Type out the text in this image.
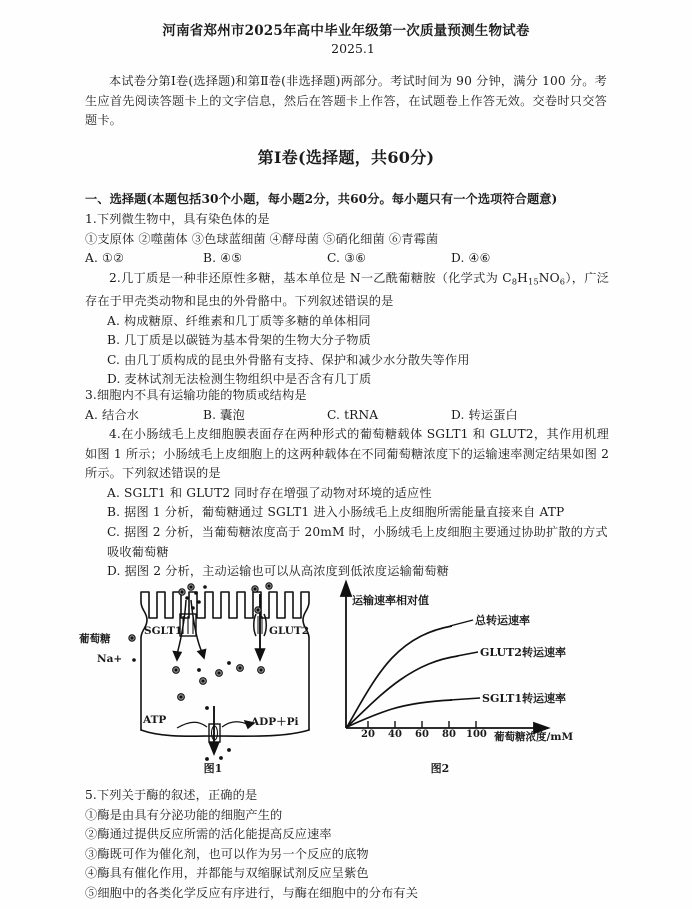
河南省郑州市2025年高中毕业年级第一次质量预测生物试卷
2025.1
本试卷分第Ⅰ卷(选择题)和第Ⅱ卷(非选择题)两部分。考试时间为 90 分钟，满分 100 分。考生应首先阅读答题卡上的文字信息，然后在答题卡上作答，在试题卷上作答无效。交卷时只交答题卡。
第Ⅰ卷(选择题，共60分)
一、选择题(本题包括30个小题，每小题2分，共60分。每小题只有一个选项符合题意)
1.下列微生物中，具有染色体的是
①支原体 ②噬菌体 ③色球蓝细菌 ④酵母菌 ⑤硝化细菌 ⑥青霉菌
A. ①②	B. ④⑤	C. ③⑥	D. ④⑥
2.几丁质是一种非还原性多糖，基本单位是 N一乙酰葡糖胺（化学式为 $C_8H_{15}NO_6$），广泛存在于甲壳类动物和昆虫的外骨骼中。下列叙述错误的是
A. 构成糖原、纤维素和几丁质等多糖的单体相同
B. 几丁质是以碳链为基本骨架的生物大分子物质
C. 由几丁质构成的昆虫外骨骼有支持、保护和减少水分散失等作用
D. 麦林试剂无法检测生物组织中是否含有几丁质
3.细胞内不具有运输功能的物质或结构是
A. 结合水	B. 囊泡	C. tRNA	D. 转运蛋白
4.在小肠绒毛上皮细胞膜表面存在两种形式的葡萄糖载体 SGLT1 和 GLUT2，其作用机理如图 1 所示；小肠绒毛上皮细胞上的这两种载体在不同葡萄糖浓度下的运输速率测定结果如图 2 所示。下列叙述错误的是
A. SGLT1 和 GLUT2 同时存在增强了动物对环境的适应性
B. 据图 1 分析，葡萄糖通过 SGLT1 进入小肠绒毛上皮细胞所需能量直接来自 ATP
C. 据图 2 分析，当葡萄糖浓度高于 20mM 时，小肠绒毛上皮细胞主要通过协助扩散的方式吸收葡萄糖
D. 据图 2 分析，主动运输也可以从高浓度到低浓度运输葡萄糖
SGLT1	GLUT2
葡萄糖
Na+
ATP	ADP＋Pi
图1
运输速率相对值
总转运速率
GLUT2转运速率
SGLT1转运速率
20 40 60 80 100 葡萄糖浓度/mM
图2
5.下列关于酶的叙述，正确的是
①酶是由具有分泌功能的细胞产生的
②酶通过提供反应所需的活化能提高反应速率
③酶既可作为催化剂，也可以作为另一个反应的底物
④酶具有催化作用，并都能与双缩脲试剂反应呈紫色
⑤细胞中的各类化学反应有序进行，与酶在细胞中的分布有关
